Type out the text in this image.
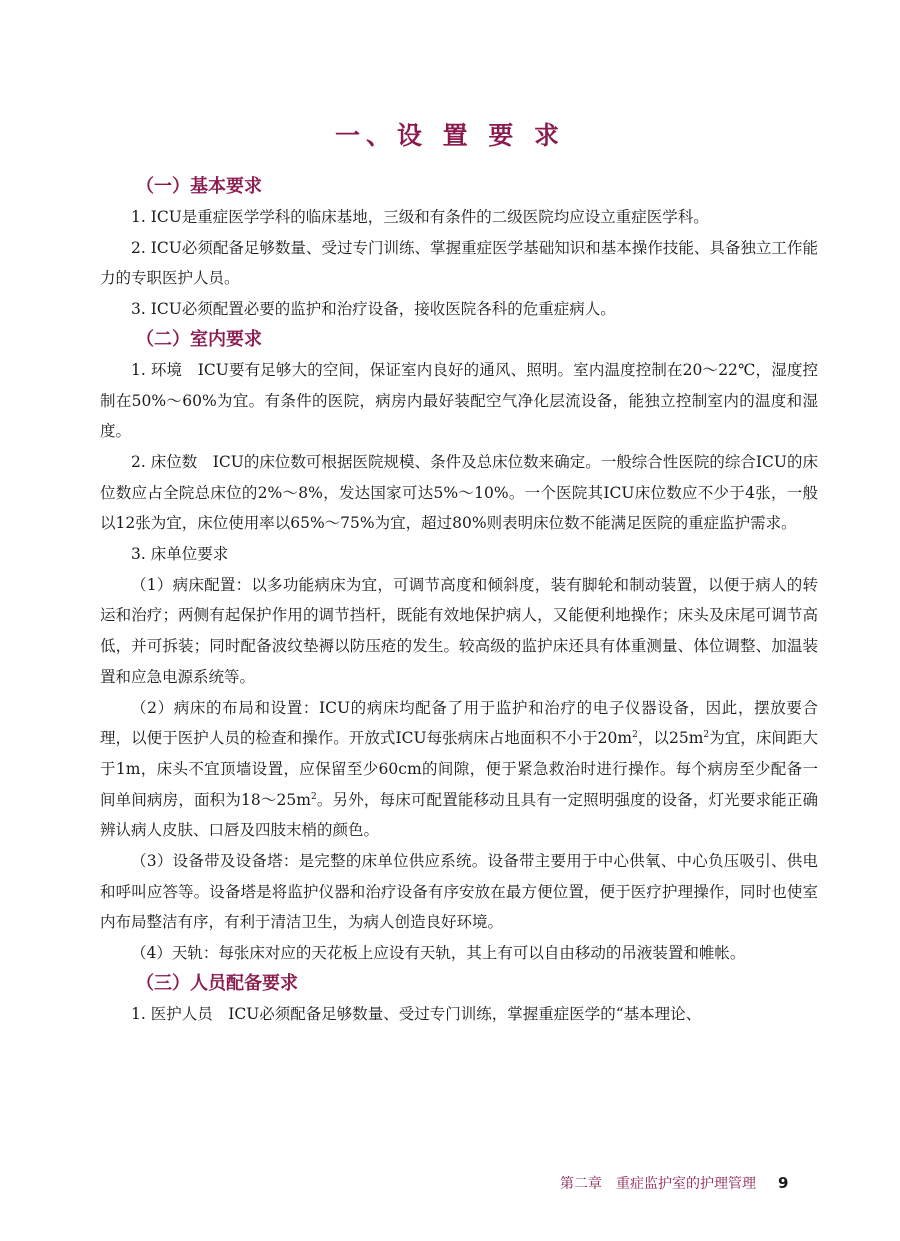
一、设 置 要 求
（一）基本要求

1. ICU是重症医学学科的临床基地，三级和有条件的二级医院均应设立重症医学科。

2. ICU必须配备足够数量、受过专门训练、掌握重症医学基础知识和基本操作技能、具备独立工作能力的专职医护人员。

3. ICU必须配置必要的监护和治疗设备，接收医院各科的危重症病人。

（二）室内要求

1. 环境　ICU要有足够大的空间，保证室内良好的通风、照明。室内温度控制在20～22℃，湿度控制在50%～60%为宜。有条件的医院，病房内最好装配空气净化层流设备，能独立控制室内的温度和湿度。

2. 床位数　ICU的床位数可根据医院规模、条件及总床位数来确定。一般综合性医院的综合ICU的床位数应占全院总床位的2%～8%，发达国家可达5%～10%。一个医院其ICU床位数应不少于4张，一般以12张为宜，床位使用率以65%～75%为宜，超过80%则表明床位数不能满足医院的重症监护需求。

3. 床单位要求

（1）病床配置：以多功能病床为宜，可调节高度和倾斜度，装有脚轮和制动装置，以便于病人的转运和治疗；两侧有起保护作用的调节挡杆，既能有效地保护病人，又能便利地操作；床头及床尾可调节高低，并可拆装；同时配备波纹垫褥以防压疮的发生。较高级的监护床还具有体重测量、体位调整、加温装置和应急电源系统等。

（2）病床的布局和设置：ICU的病床均配备了用于监护和治疗的电子仪器设备，因此，摆放要合理，以便于医护人员的检查和操作。开放式ICU每张病床占地面积不小于$20m^2$，以$25m^2$为宜，床间距大于1m，床头不宜顶墙设置，应保留至少60cm的间隙，便于紧急救治时进行操作。每个病房至少配备一间单间病房，面积为$18\sim 25m^2$。另外，每床可配置能移动且具有一定照明强度的设备，灯光要求能正确辨认病人皮肤、口唇及四肢末梢的颜色。

（3）设备带及设备塔：是完整的床单位供应系统。设备带主要用于中心供氧、中心负压吸引、供电和呼叫应答等。设备塔是将监护仪器和治疗设备有序安放在最方便位置，便于医疗护理操作，同时也使室内布局整洁有序，有利于清洁卫生，为病人创造良好环境。

（4）天轨：每张床对应的天花板上应设有天轨，其上有可以自由移动的吊液装置和帷帐。

（三）人员配备要求

1. 医护人员　ICU必须配备足够数量、受过专门训练，掌握重症医学的“基本理论、

第二章　重症监护室的护理管理 9
